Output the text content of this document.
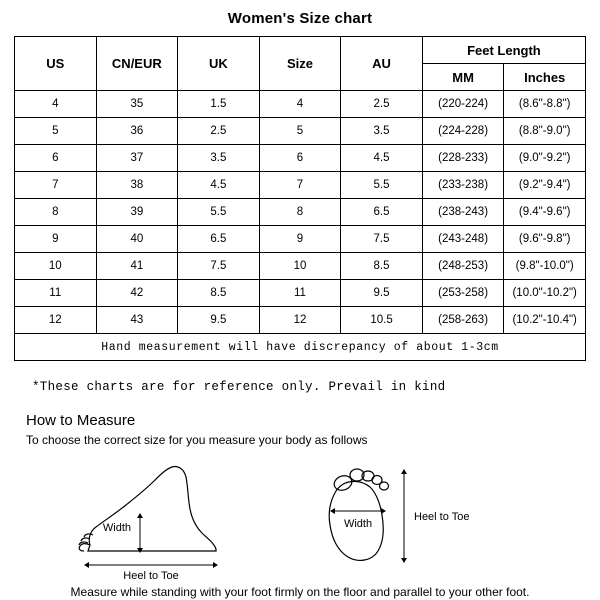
Women's Size chart
US	CN/EUR	UK	Size	AU	Feet Length	
					MM	Inches
4	35	1.5	4	2.5	(220-224)	(8.6"-8.8")
5	36	2.5	5	3.5	(224-228)	(8.8"-9.0")
6	37	3.5	6	4.5	(228-233)	(9.0"-9.2")
7	38	4.5	7	5.5	(233-238)	(9.2"-9.4")
8	39	5.5	8	6.5	(238-243)	(9.4"-9.6")
9	40	6.5	9	7.5	(243-248)	(9.6"-9.8")
10	41	7.5	10	8.5	(248-253)	(9.8"-10.0")
11	42	8.5	11	9.5	(253-258)	(10.0"-10.2")
12	43	9.5	12	10.5	(258-263)	(10.2"-10.4")
Hand measurement will have discrepancy of about 1-3cm						
*These charts are for reference only. Prevail in kind
How to Measure
To choose the correct size for you measure your body as follows
Width
Heel to Toe
Width
Heel to Toe
Measure while standing with your foot firmly on the floor and parallel to your other foot.
